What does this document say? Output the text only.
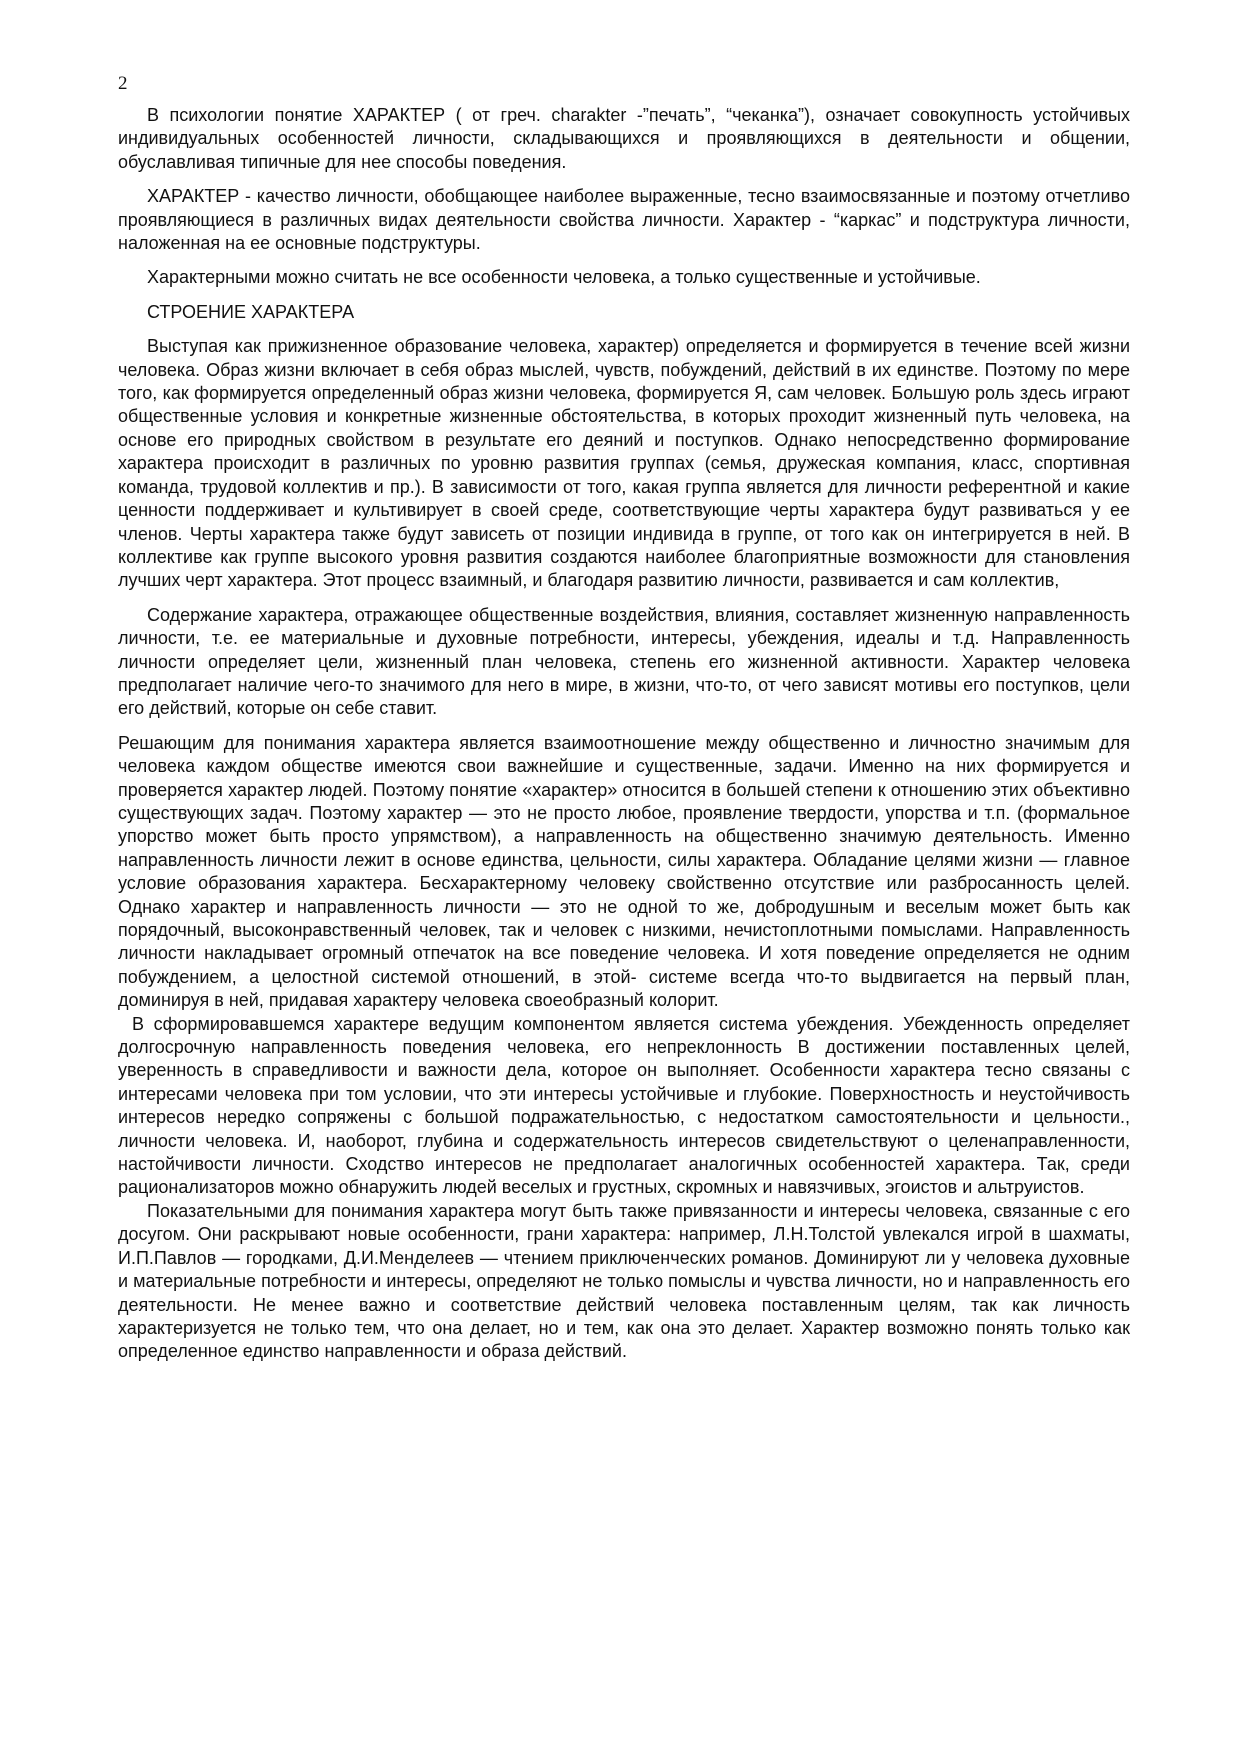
2

В психологии понятие ХАРАКТЕР ( от греч. charakter -”печать”, “чеканка”), означает совокупность устойчивых индивидуальных особенностей личности, складывающихся и проявляющихся в деятельности и общении, обуславливая типичные для нее способы поведения.

ХАРАКТЕР - качество личности, обобщающее наиболее выраженные, тесно взаимосвязанные и поэтому отчетливо проявляющиеся в различных видах деятельности свойства личности. Характер - “каркас” и подструктура личности, наложенная на ее основные подструктуры.

Характерными можно считать не все особенности человека, а только существенные и устойчивые.

СТРОЕНИЕ ХАРАКТЕРА

Выступая как прижизненное образование человека, характер) определяется и формируется в течение всей жизни человека. Образ жизни включает в себя образ мыслей, чувств, побуждений, действий в их единстве. Поэтому по мере того, как формируется определенный образ жизни человека, формируется Я, сам человек. Большую роль здесь играют общественные условия и конкретные жизненные обстоятельства, в которых проходит жизненный путь человека, на основе его природных свойством в результате его деяний и поступков. Однако непосредственно формирование характера происходит в различных по уровню развития группах (семья, дружеская компания, класс, спортивная команда, трудовой коллектив и пр.). В зависимости от того, какая группа является для личности референтной и какие ценности поддерживает и культивирует в своей среде, соответствующие черты характера будут развиваться у ее членов. Черты характера также будут зависеть от позиции индивида в группе, от того как он интегрируется в ней. В коллективе как группе высокого уровня развития создаются наиболее благоприятные возможности для становления лучших черт характера. Этот процесс взаимный, и благодаря развитию личности, развивается и сам коллектив,

Содержание характера, отражающее общественные воздействия, влияния, составляет жизненную направленность личности, т.е. ее материальные и духовные потребности, интересы, убеждения, идеалы и т.д. Направленность личности определяет цели, жизненный план человека, степень его жизненной активности. Характер человека предполагает наличие чего-то значимого для него в мире, в жизни, что-то, от чего зависят мотивы его поступков, цели его действий, которые он себе ставит.

Решающим для понимания характера является взаимоотношение между общественно и личностно значимым для человека каждом обществе имеются свои важнейшие и существенные, задачи. Именно на них формируется и проверяется характер людей. Поэтому понятие «характер» относится в большей степени к отношению этих объективно существующих задач. Поэтому характер — это не просто любое, проявление твердости, упорства и т.п. (формальное упорство может быть просто упрямством), а направленность на общественно значимую деятельность. Именно направленность личности лежит в основе единства, цельности, силы характера. Обладание целями жизни — главное условие образования характера. Бесхарактерному человеку свойственно отсутствие или разбросанность целей. Однако характер и направленность личности — это не одной то же, добродушным и веселым может быть как порядочный, высоконравственный человек, так и человек с низкими, нечистоплотными помыслами. Направленность личности накладывает огромный отпечаток на все поведение человека. И хотя поведение определяется не одним побуждением, а целостной системой отношений, в этой- системе всегда что-то выдвигается на первый план, доминируя в ней, придавая характеру человека своеобразный колорит.

В сформировавшемся характере ведущим компонентом является система убеждения. Убежденность определяет долгосрочную направленность поведения человека, его непреклонность В достижении поставленных целей, уверенность в справедливости и важности дела, которое он выполняет. Особенности характера тесно связаны с интересами человека при том условии, что эти интересы устойчивые и глубокие. Поверхностность и неустойчивость интересов нередко сопряжены с большой подражательностью, с недостатком самостоятельности и цельности., личности человека. И, наоборот, глубина и содержательность интересов свидетельствуют о целенаправленности, настойчивости личности. Сходство интересов не предполагает аналогичных особенностей характера. Так, среди рационализаторов можно обнаружить людей веселых и грустных, скромных и навязчивых, эгоистов и альтруистов.

Показательными для понимания характера могут быть также привязанности и интересы человека, связанные с его досугом. Они раскрывают новые особенности, грани характера: например, Л.Н.Толстой увлекался игрой в шахматы, И.П.Павлов — городками, Д.И.Менделеев — чтением приключенческих романов. Доминируют ли у человека духовные и материальные потребности и интересы, определяют не только помыслы и чувства личности, но и направленность его деятельности. Не менее важно и соответствие действий человека поставленным целям, так как личность характеризуется не только тем, что она делает, но и тем, как она это делает. Характер возможно понять только как определенное единство направленности и образа действий.
